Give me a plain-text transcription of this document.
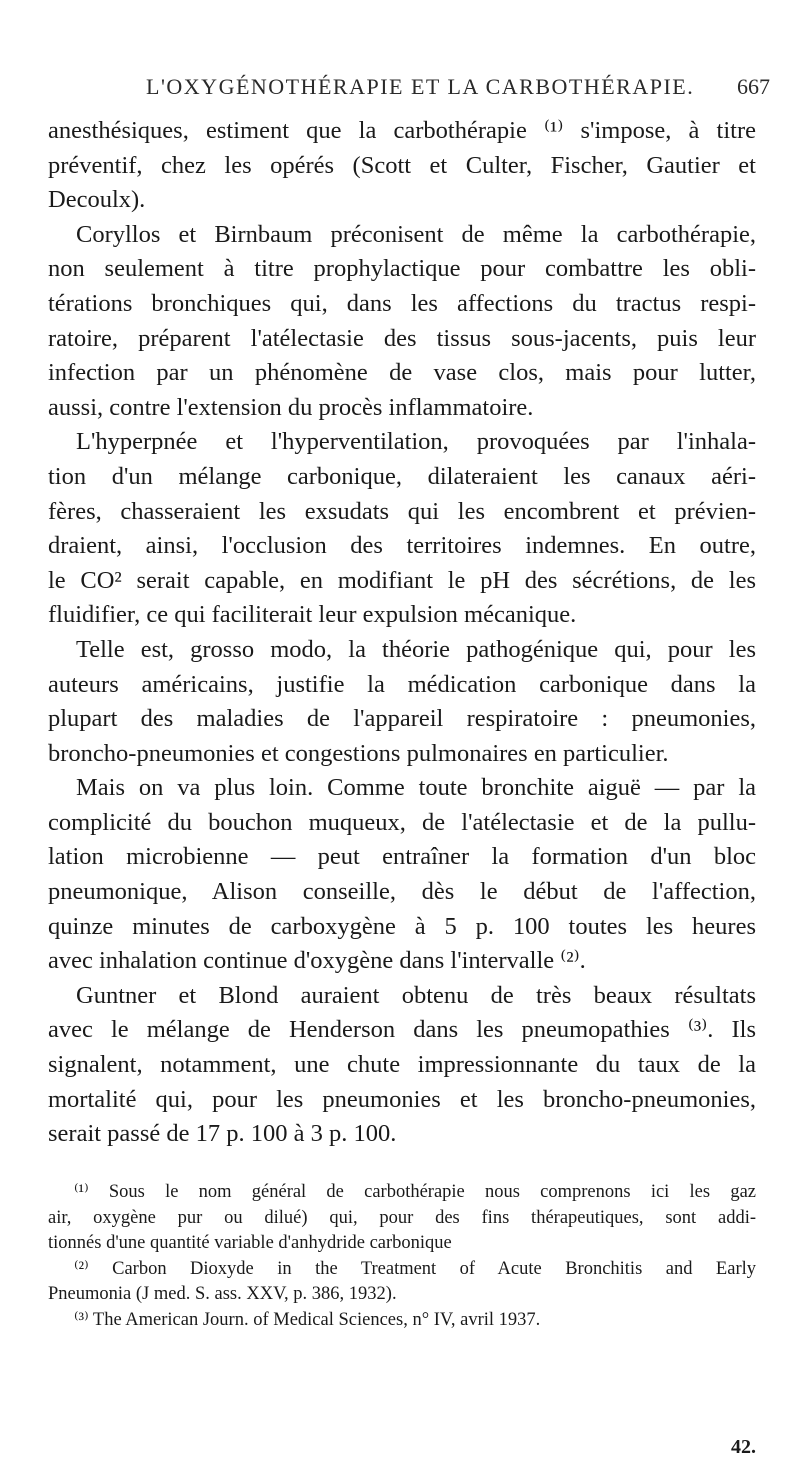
L'OXYGÉNOTHÉRAPIE ET LA CARBOTHÉRAPIE. 667
anesthésiques, estiment que la carbothérapie ⁽¹⁾ s'impose, à titre
préventif, chez les opérés (Scott et Culter, Fischer, Gautier et
Decoulx).
Coryllos et Birnbaum préconisent de même la carbothérapie,
non seulement à titre prophylactique pour combattre les obli-
térations bronchiques qui, dans les affections du tractus respi-
ratoire, préparent l'atélectasie des tissus sous-jacents, puis leur
infection par un phénomène de vase clos, mais pour lutter,
aussi, contre l'extension du procès inflammatoire.
L'hyperpnée et l'hyperventilation, provoquées par l'inhala-
tion d'un mélange carbonique, dilateraient les canaux aéri-
fères, chasseraient les exsudats qui les encombrent et prévien-
draient, ainsi, l'occlusion des territoires indemnes. En outre,
le CO² serait capable, en modifiant le pH des sécrétions, de les
fluidifier, ce qui faciliterait leur expulsion mécanique.
Telle est, grosso modo, la théorie pathogénique qui, pour les
auteurs américains, justifie la médication carbonique dans la
plupart des maladies de l'appareil respiratoire : pneumonies,
broncho-pneumonies et congestions pulmonaires en particulier.
Mais on va plus loin. Comme toute bronchite aiguë — par la
complicité du bouchon muqueux, de l'atélectasie et de la pullu-
lation microbienne — peut entraîner la formation d'un bloc
pneumonique, Alison conseille, dès le début de l'affection,
quinze minutes de carboxygène à 5 p. 100 toutes les heures
avec inhalation continue d'oxygène dans l'intervalle ⁽²⁾.
Guntner et Blond auraient obtenu de très beaux résultats
avec le mélange de Henderson dans les pneumopathies ⁽³⁾. Ils
signalent, notamment, une chute impressionnante du taux de la
mortalité qui, pour les pneumonies et les broncho-pneumonies,
serait passé de 17 p. 100 à 3 p. 100.
⁽¹⁾ Sous le nom général de carbothérapie nous comprenons ici les gaz
air, oxygène pur ou dilué) qui, pour des fins thérapeutiques, sont addi-
tionnés d'une quantité variable d'anhydride carbonique
⁽²⁾ Carbon Dioxyde in the Treatment of Acute Bronchitis and Early
Pneumonia (J med. S. ass. XXV, p. 386, 1932).
⁽³⁾ The American Journ. of Medical Sciences, n° IV, avril 1937.
42.
